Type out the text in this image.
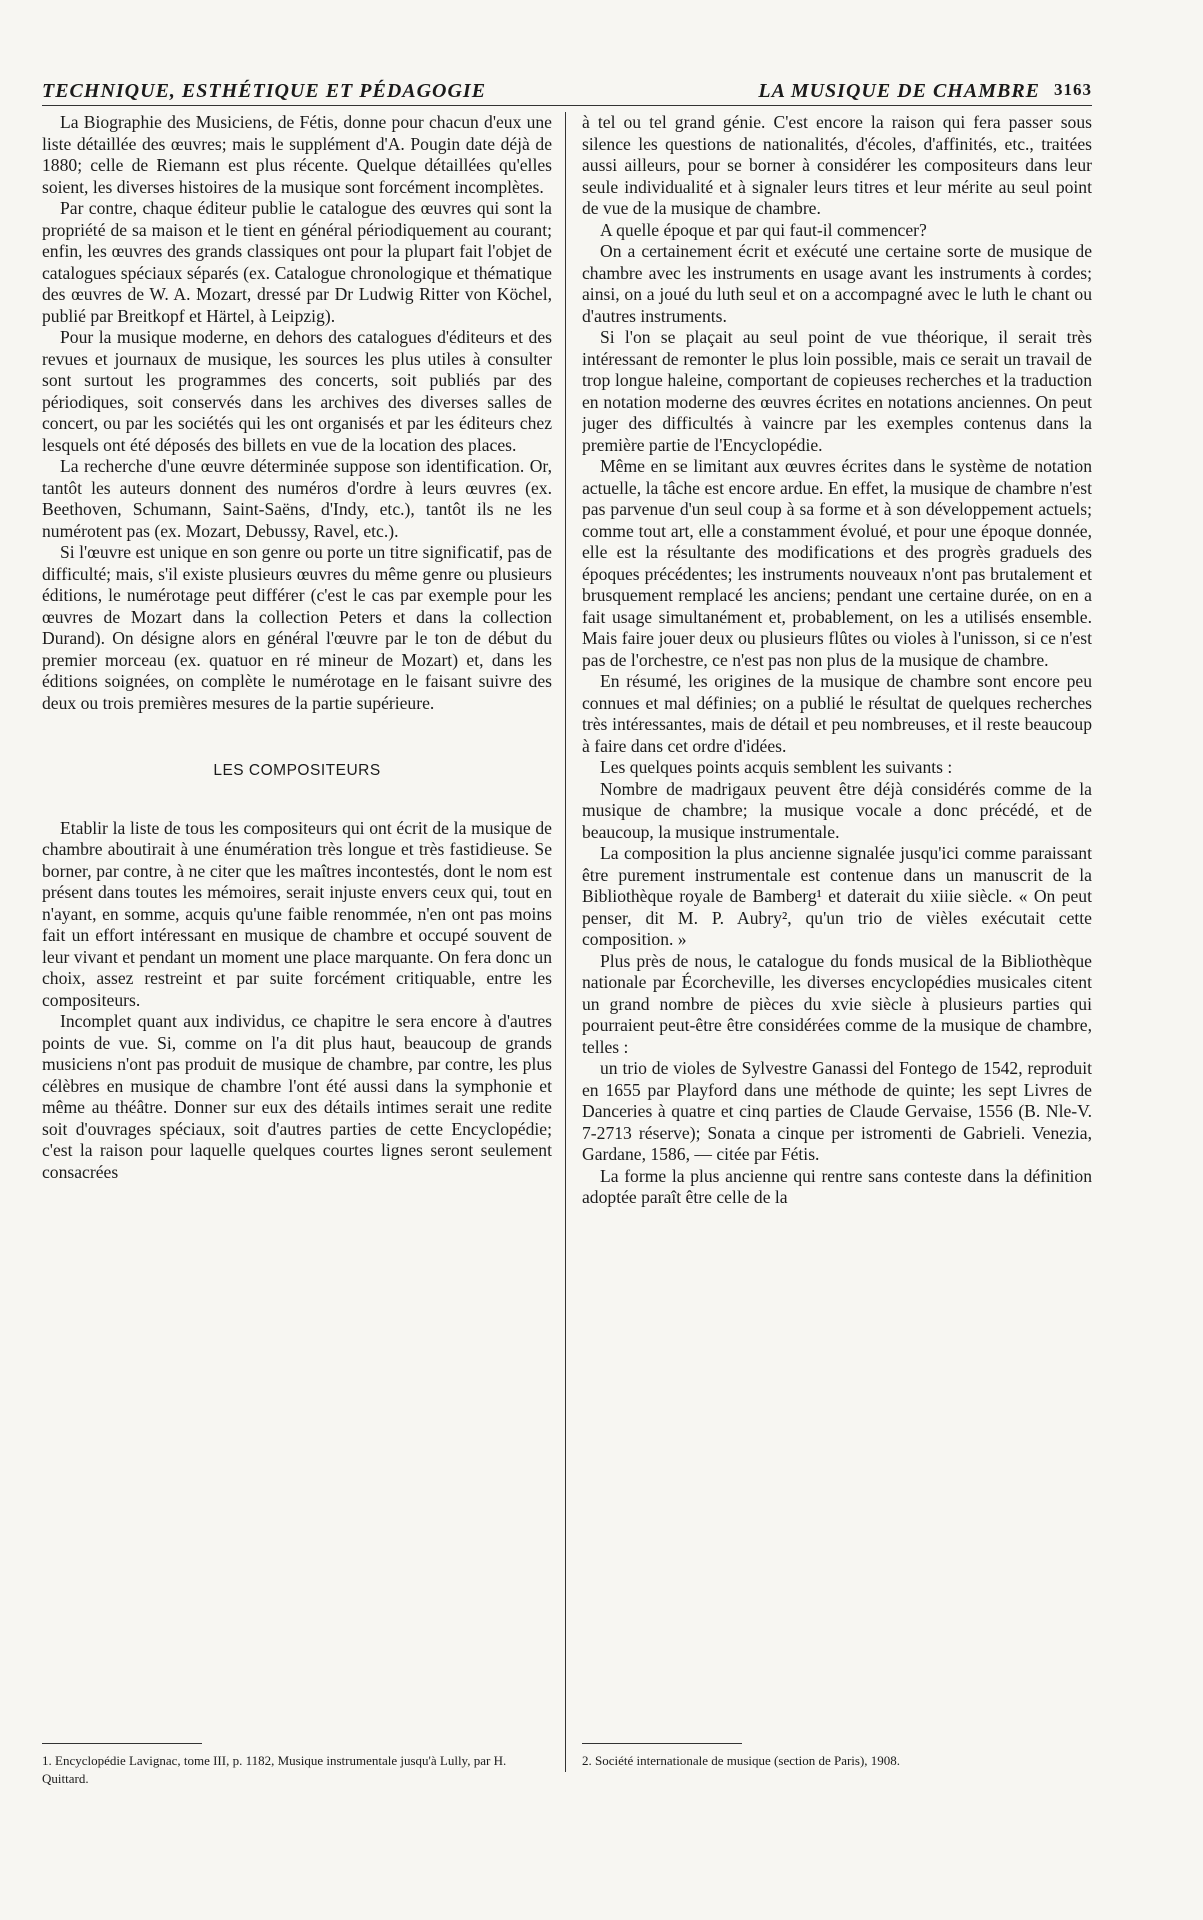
TECHNIQUE, ESTHÉTIQUE ET PÉDAGOGIE	LA MUSIQUE DE CHAMBRE 3163

La Biographie des Musiciens, de Fétis, donne pour chacun d'eux une liste détaillée des œuvres; mais le supplément d'A. Pougin date déjà de 1880; celle de Riemann est plus récente. Quelque détaillées qu'elles soient, les diverses histoires de la musique sont forcément incomplètes.

Par contre, chaque éditeur publie le catalogue des œuvres qui sont la propriété de sa maison et le tient en général périodiquement au courant; enfin, les œuvres des grands classiques ont pour la plupart fait l'objet de catalogues spéciaux séparés (ex. Catalogue chronologique et thématique des œuvres de W. A. Mozart, dressé par Dr Ludwig Ritter von Köchel, publié par Breitkopf et Härtel, à Leipzig).

Pour la musique moderne, en dehors des catalogues d'éditeurs et des revues et journaux de musique, les sources les plus utiles à consulter sont surtout les programmes des concerts, soit publiés par des périodiques, soit conservés dans les archives des diverses salles de concert, ou par les sociétés qui les ont organisés et par les éditeurs chez lesquels ont été déposés des billets en vue de la location des places.

La recherche d'une œuvre déterminée suppose son identification. Or, tantôt les auteurs donnent des numéros d'ordre à leurs œuvres (ex. Beethoven, Schumann, Saint-Saëns, d'Indy, etc.), tantôt ils ne les numérotent pas (ex. Mozart, Debussy, Ravel, etc.).

Si l'œuvre est unique en son genre ou porte un titre significatif, pas de difficulté; mais, s'il existe plusieurs œuvres du même genre ou plusieurs éditions, le numérotage peut différer (c'est le cas par exemple pour les œuvres de Mozart dans la collection Peters et dans la collection Durand). On désigne alors en général l'œuvre par le ton de début du premier morceau (ex. quatuor en ré mineur de Mozart) et, dans les éditions soignées, on complète le numérotage en le faisant suivre des deux ou trois premières mesures de la partie supérieure.

LES COMPOSITEURS

Etablir la liste de tous les compositeurs qui ont écrit de la musique de chambre aboutirait à une énumération très longue et très fastidieuse. Se borner, par contre, à ne citer que les maîtres incontestés, dont le nom est présent dans toutes les mémoires, serait injuste envers ceux qui, tout en n'ayant, en somme, acquis qu'une faible renommée, n'en ont pas moins fait un effort intéressant en musique de chambre et occupé souvent de leur vivant et pendant un moment une place marquante. On fera donc un choix, assez restreint et par suite forcément critiquable, entre les compositeurs.

Incomplet quant aux individus, ce chapitre le sera encore à d'autres points de vue. Si, comme on l'a dit plus haut, beaucoup de grands musiciens n'ont pas produit de musique de chambre, par contre, les plus célèbres en musique de chambre l'ont été aussi dans la symphonie et même au théâtre. Donner sur eux des détails intimes serait une redite soit d'ouvrages spéciaux, soit d'autres parties de cette Encyclopédie; c'est la raison pour laquelle quelques courtes lignes seront seulement consacrées

à tel ou tel grand génie. C'est encore la raison qui fera passer sous silence les questions de nationalités, d'écoles, d'affinités, etc., traitées aussi ailleurs, pour se borner à considérer les compositeurs dans leur seule individualité et à signaler leurs titres et leur mérite au seul point de vue de la musique de chambre.

A quelle époque et par qui faut-il commencer?

On a certainement écrit et exécuté une certaine sorte de musique de chambre avec les instruments en usage avant les instruments à cordes; ainsi, on a joué du luth seul et on a accompagné avec le luth le chant ou d'autres instruments.

Si l'on se plaçait au seul point de vue théorique, il serait très intéressant de remonter le plus loin possible, mais ce serait un travail de trop longue haleine, comportant de copieuses recherches et la traduction en notation moderne des œuvres écrites en notations anciennes. On peut juger des difficultés à vaincre par les exemples contenus dans la première partie de l'Encyclopédie.

Même en se limitant aux œuvres écrites dans le système de notation actuelle, la tâche est encore ardue. En effet, la musique de chambre n'est pas parvenue d'un seul coup à sa forme et à son développement actuels; comme tout art, elle a constamment évolué, et pour une époque donnée, elle est la résultante des modifications et des progrès graduels des époques précédentes; les instruments nouveaux n'ont pas brutalement et brusquement remplacé les anciens; pendant une certaine durée, on en a fait usage simultanément et, probablement, on les a utilisés ensemble. Mais faire jouer deux ou plusieurs flûtes ou violes à l'unisson, si ce n'est pas de l'orchestre, ce n'est pas non plus de la musique de chambre.

En résumé, les origines de la musique de chambre sont encore peu connues et mal définies; on a publié le résultat de quelques recherches très intéressantes, mais de détail et peu nombreuses, et il reste beaucoup à faire dans cet ordre d'idées.

Les quelques points acquis semblent les suivants :

Nombre de madrigaux peuvent être déjà considérés comme de la musique de chambre; la musique vocale a donc précédé, et de beaucoup, la musique instrumentale.

La composition la plus ancienne signalée jusqu'ici comme paraissant être purement instrumentale est contenue dans un manuscrit de la Bibliothèque royale de Bamberg¹ et daterait du xiiie siècle. « On peut penser, dit M. P. Aubry², qu'un trio de vièles exécutait cette composition. »

Plus près de nous, le catalogue du fonds musical de la Bibliothèque nationale par Écorcheville, les diverses encyclopédies musicales citent un grand nombre de pièces du xvie siècle à plusieurs parties qui pourraient peut-être être considérées comme de la musique de chambre, telles :

un trio de violes de Sylvestre Ganassi del Fontego de 1542, reproduit en 1655 par Playford dans une méthode de quinte; les sept Livres de Danceries à quatre et cinq parties de Claude Gervaise, 1556 (B. Nle-V. 7-2713 réserve); Sonata a cinque per istromenti de Gabrieli. Venezia, Gardane, 1586, — citée par Fétis.

La forme la plus ancienne qui rentre sans conteste dans la définition adoptée paraît être celle de la

1. Encyclopédie Lavignac, tome III, p. 1182, Musique instrumentale jusqu'à Lully, par H. Quittard.
2. Société internationale de musique (section de Paris), 1908.
